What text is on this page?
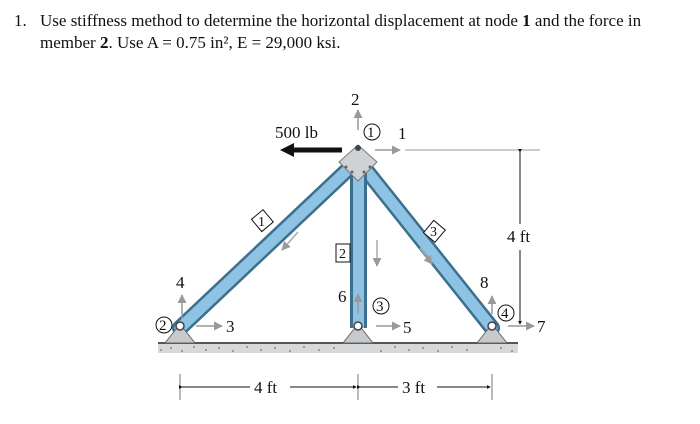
1. Use stiffness method to determine the horizontal displacement at node 1 and the force in
member 2. Use A = 0.75 in², E = 29,000 ksi.
500 lb
2
1
4
3
6
5
8
7
1
2
3	4
1
2
3	4 ft
4 ft	3 ft
